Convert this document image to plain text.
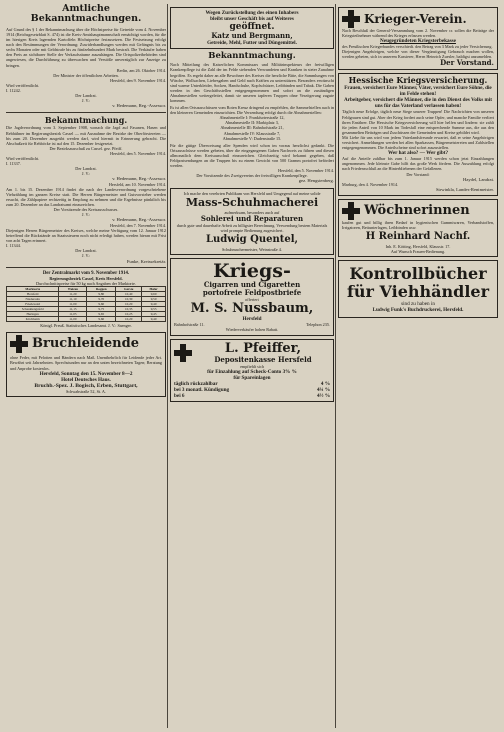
Amtliche Bekanntmachungen.
Auf Grund des § 1 der Bekanntmachung über die Höchstpreise für Getreide vom 4. November 1914 (Reichsgesetzblatt S. 474) ist die Kreis-Amtshauptmannschaft ermächtigt worden, für die im hiesigen Kreis lagernden Kartoffeln Höchstpreise festzusetzen. Die Festsetzung erfolgt nach den Bestimmungen der Verordnung; Zuwiderhandlungen werden mit Gefängnis bis zu sechs Monaten oder mit Geldstrafe bis zu fünfzehnhundert Mark bestraft. Die Verkäufer haben den Preis an sichtbarer Stelle der Verkaufsräume auszuhängen. Die Ortspolizeibehörden sind angewiesen, die Durchführung zu überwachen und Verstöße unverzüglich zur Anzeige zu bringen.
Berlin, am 26. Oktober 1914.
Der Minister der öffentlichen Arbeiten.
Hersfeld, den 9. November 1914.
Wird veröffentlicht.
I. 11242.
Der Landrat.
J. V.:
v. Hedemann, Reg.-Assessor.
Bekanntmachung.
Die Jagdverordnung vom 3. September 1908, wonach die Jagd auf Fasanen, Hasen und Rebhühner im Regierungsbezirk Cassel — mit Ausnahme der Bezirke der Oberförstereien — bis zum 20. Dezember ausgeübt werden darf, wird hiermit in Erinnerung gebracht. Die Abschußzeit für Rehböcke ist auf den 15. Dezember festgesetzt.
Der Bezirksausschuß zu Cassel. gez. Pfeiff.
Hersfeld, den 5. November 1914.
Wird veröffentlicht.
I. 11337.
Der Landrat.
J. V.:
v. Hedemann, Reg.-Assessor.
Hersfeld, am 10. November 1914.
Am 1. bis 15. Dezember 1914 findet die nach der Landesverordnung vorgeschriebene Viehzählung im ganzen Kreise statt. Die Herren Bürgermeister und Gutsvorsteher werden ersucht, die Zählpapiere rechtzeitig in Empfang zu nehmen und die Ergebnisse pünktlich bis zum 20. Dezember an das Landratsamt einzureichen.
Der Vorsitzende des Kreisausschusses.
J. V.:
v. Hedemann, Reg.-Assessor.
Hersfeld, den 7. November 1914.
Diejenigen Herren Bürgermeister des Kreises, welche meine Verfügung vom 12. Januar 1912 betreffend die Rückstände an Staatssteuern noch nicht erledigt haben, werden hieran mit Frist von acht Tagen erinnert.
I. 11344.
Der Landrat.
J. V.:
Funke, Kreissekretär.
Der Zentralmarkt vom 9. November 1914.
Regierungsbezirk Cassel, Kreis Hersfeld.
Durchschnittspreise für 50 kg nach Angaben der Marktorte.
Marktorte	Weizen	Roggen	Gerste	Hafer
Hersfeld	11,20	9,80	10,40	9,60
Niederaula	11,10	9,70	10,30	9,50
Friedewald	11,00	9,60	10,20	9,40
Schenklengsfeld	11,15	9,75	10,35	9,55
Heringen	11,05	9,65	10,25	9,45
Kirchheim	11,00	9,60	10,20	9,40
Königl. Preuß. Statistisches Landesamt. J. V.: Saenger.
Bruchleidende
ohne Feder, mit Pelotten und Bändern nach Maß. Unentbehrlich für Leidende jeder Art. Bewährt seit Jahrzehnten. Sprechstunden nur an den unten bezeichneten Tagen; Beratung und Anprobe kostenlos.
Hersfeld, Sonntag den 15. November 8—2
Hotel Deutsches Haus.
Bruchb.-Spez. J. Bogisch, Erben, Stuttgart,
Schwabstraße 52, St. A.
Wegen Zurückstellung des einen Inhabers
bleibt unser Geschäft bis auf Weiteres
geöffnet.
Katz und Bergmann,
Getreide, Mehl, Futter und Düngemittel.
Bekanntmachung.
Nach Mitteilung des Kaiserlichen Kommissars und Militärinspekteurs der freiwilligen Krankenpflege ist die Zahl der im Felde stehenden Verwundeten und Kranken in steter Zunahme begriffen. Es ergeht daher an alle Bewohner des Kreises die herzliche Bitte, die Sammlungen von Wäsche, Wollsachen, Liebesgaben und Geld nach Kräften zu unterstützen. Besonders erwünscht sind warme Unterkleider, Socken, Handschuhe, Kopfschützer, Leibbinden und Tabak. Die Gaben werden in den Geschäftsstellen entgegengenommen und sofort an die zuständigen Abnahmestellen weitergeleitet, damit sie unseren tapferen Truppen ohne Verzögerung zugute kommen.
Es ist allen Ortsausschüssen vom Roten Kreuz dringend zu empfehlen, die Sammelstellen auch in den kleineren Gemeinden einzurichten. Die Versendung erfolgt durch die Abnahmestellen:
Abnahmestelle I: Frankfurterstraße 12,
Abnahmestelle II: Marktplatz 3,
Abnahmestelle III: Bahnhofstraße 21,
Abnahmestelle IV: Klausstraße 7,
Abnahmestelle V: Dudenstraße 15.
Für die gütige Überweisung aller Spenden wird schon im voraus herzlichst gedankt. Die Ortsausschüsse werden gebeten, über die eingegangenen Gaben Nachweis zu führen und diesen allmonatlich dem Kreisausschuß einzureichen. Gleichzeitig wird bekannt gegeben, daß Feldpostsendungen an die Truppen bis zu einem Gewicht von 500 Gramm portofrei befördert werden.
Hersfeld, den 5. November 1914.
Der Vorsitzende des Zweigvereins der freiwilligen Krankenpflege.
gez. Hengstenberg.
Ich mache den verehrten Publikum von Hersfeld und Umgegend auf meine solide
Mass-Schuhmacherei
aufmerksam, besonders auch auf
Sohlerei und Reparaturen
durch gute und dauerhafte Arbeit zu billigster Berechnung. Verwendung bestem Materials wird prompte Bedienung zugesichert.
Ludwig Quentel,
Schuhmachermeister, Weinstraße 4.
Kriegs-
Cigarren und Cigaretten
portofreie Feldpostbriefe
offeriert
M. S. Nussbaum,
Hersfeld
Bahnhofstraße 11.	Telephon 235.
Wiederverkäufer hohen Rabatt.
L. Pfeiffer,
Depositenkasse Hersfeld
empfiehlt sich
für Einzahlung auf Scheck-Conto 3% %
für Spareinlagen
täglich rückzahlbar	4 %
bei 3 monatl. Kündigung	4¼ %
bei 6	4½ %
Krieger-Verein.
Nach Beschluß der General-Versammlung vom 2. November cr. sollen die Beiträge der Kriegsteilnehmer während des Krieges erlassen werden.
Neugegründeten Kriegsterbekasse
des Preußischen Kriegerbundes verschiedt. den Betrag von 3 Mark zu jeder Versicherung.
Diejenigen Angehörigen, welche von dieser Vergünstigung Gebrauch machen wollen, werden gebeten, sich in unserem Kassierer, Herrn Heinrich Zuesler, baldigst anzumelden.
Der Vorstand.
Hessische Kriegsversicherung.
Frauen, versichert Eure Männer, Väter, versichert Eure Söhne, die im Felde stehen!
Arbeitgeber, versichert die Männer, die in den Dienst des Volks mit uns für das Vaterland verlassen haben!
Täglich neue Erfolge, täglich neue Siege unserer Truppen! Die Nachrichten von unseren Feldgrauen sind gut. Aber der Krieg fordert auch seine Opfer, und manche Familie verliert ihren Ernährer. Die Hessische Kriegsversicherung will hier helfen und lindern: sie zahlt für jeden Anteil von 10 Mark im Todesfall eine entsprechende Summe aus, die aus den gesammelten Beiträgen und Zuschüssen der Gemeinden und Kreise gebildet wird.
Mit Liebe für uns wird von jedem Vaterlandsfreunde erwartet, daß er seine Angehörigen versichert. Anmeldungen werden bei allen Sparkassen, Bürgermeistereien und Zahlstellen entgegengenommen. Die Anteilscheine sind sofort auszustellen.
Wer hat also? — Wer gibt?
Auf die Anteile zahlbar bis zum 1. Januar 1915 werden schon jetzt Einzahlungen angenommen. Jede kleinste Gabe hilft das große Werk fördern. Die Auszahlung erfolgt nach Friedensschluß an die Hinterbliebenen der Gefallenen.
Der Vorstand:
Haydel, Landrat.
Marburg, den 4. November 1914.
Strwinkla, Landes-Rentmeister.
Wöchnerinnen
kaufen gut und billig ihren Bedarf in hygienischen Gummiwaren, Verbandstoffen, Irrigatoren, Bettunterlagen, Leibbinden usw.
H Reinhard Nachf.
Inh. E. Kötting, Hersfeld, Klausstr. 17.
Auf Wunsch Frauen-Bedienung.
Kontrollbücher
für Viehhändler
sind zu haben in
Ludwig Funk's Buchdruckerei, Hersfeld.
